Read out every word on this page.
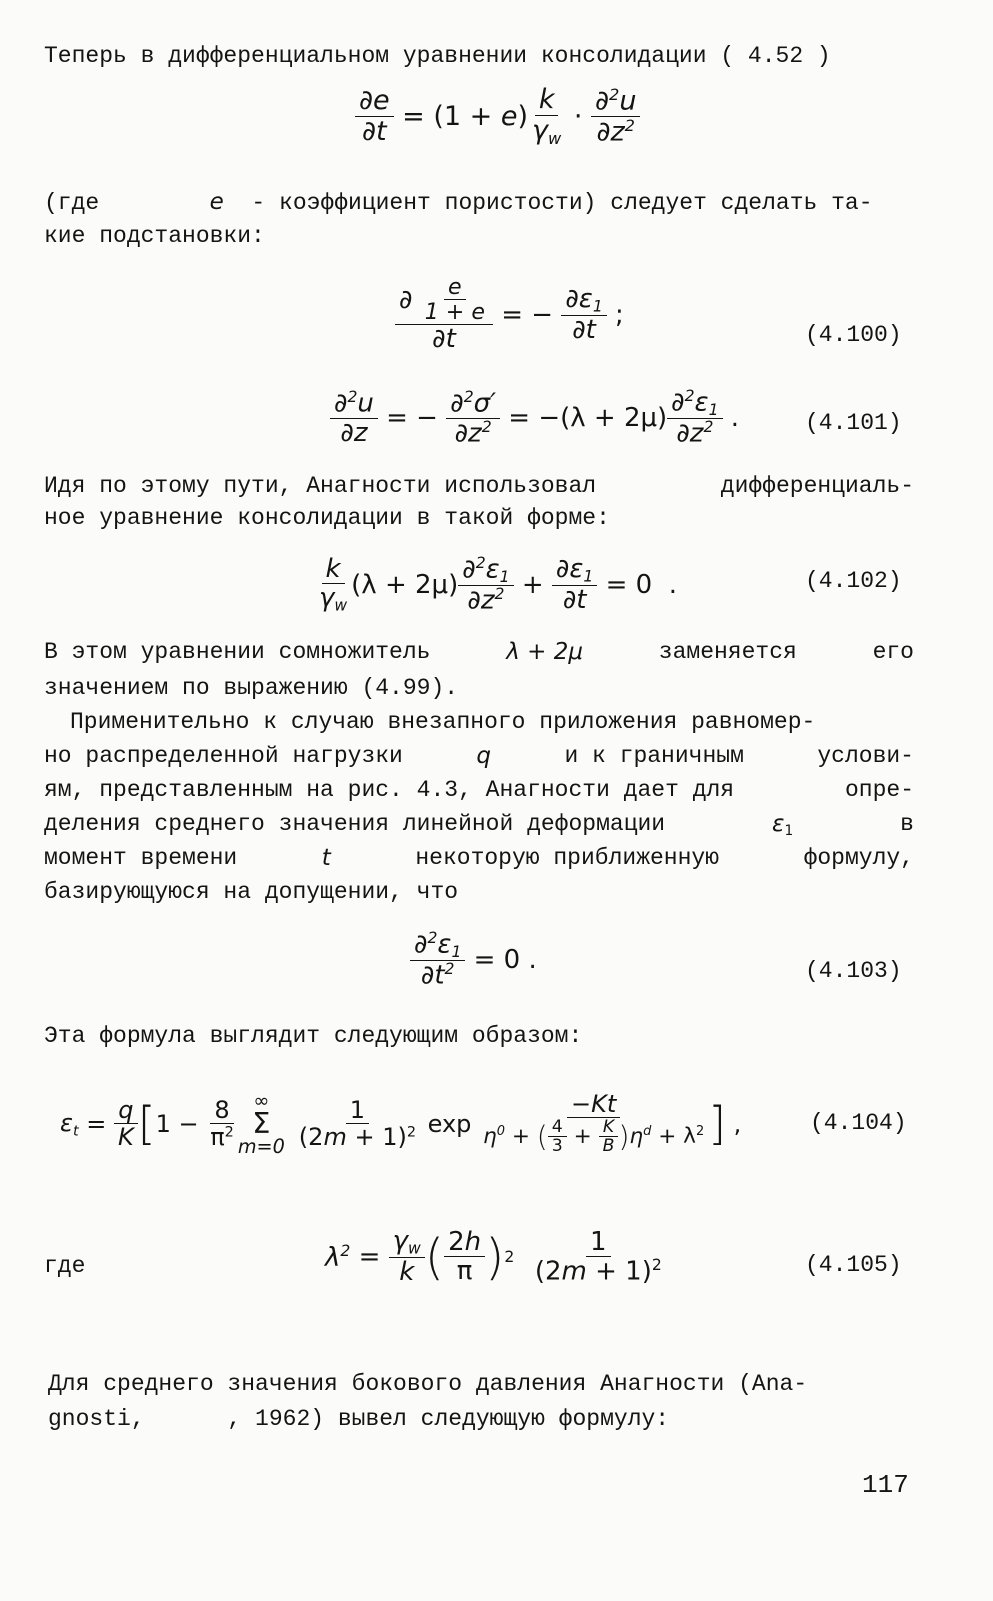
Теперь в дифференциальном уравнении консолидации ( 4.52 )
$\frac{\partial e}{\partial t} = (1 + e) \frac{k}{\gamma_w} \cdot \frac{\partial^2u}{\partial z^2}$
(где	е - коэффициент пористости) следует сделать та-
кие подстановки:
$\frac{\partial \frac{e}{1 + e}}{\partial t}$ = − $\frac{\partial\varepsilon_1}{\partial t}$ ;
(4.100)
$\frac{\partial^2u}{\partial z}$ = − $\frac{\partial^2\sigma'}{\partial z^2} = -(\lambda + 2\mu) \frac{\partial^2\varepsilon_1}{\partial z^2}$ .	(4.101)
Идя по этому пути, Анагности использовал	дифференциаль-
ное уравнение консолидации в такой форме:
$\frac{k}{\gamma_w} (\lambda + 2\mu) \frac{\partial^2\varepsilon_1}{\partial z^2} + \frac{\partial\varepsilon_1}{\partial t} = 0$  .	(4.102)
В этом уравнении сомножитель	λ + 2μ	заменяется	его
значением по выражению (4.99).
Применительно к случаю внезапного приложения равномер-
но распределенной нагрузки	q	и к граничным	услови-
ям, представленным на рис. 4.3, Анагности дает для	опре-
деления среднего значения линейной деформации	$\varepsilon_1$	в
момент времени	t	некоторую приближенную	формулу,
базирующуюся на допущении, что
$\frac{\partial^2\varepsilon_1}{\partial t^2} = 0$ .	(4.103)
Эта формула выглядит следующим образом:
$\varepsilon_t = \frac{q}{K}$ [ $1 - \frac{8}{\pi^2}$ ∞
Σ
$m=0 \frac{1}{(2m + 1)^2}$ $\exp \frac{-Kt}{\eta^0 + ( \frac{4}{3} + \frac{K}{B} ) \eta^d + \lambda^2}$ ] ,	(4.104)
где	$\lambda^2 = \frac{\gamma_w}{k}$ ( $\frac{2h}{\pi}$ ) 2
$\frac{1}{(2m + 1)^2}$	(4.105)
Для среднего значения бокового давления Анагности (Ana-
gnosti,      , 1962) вывел следующую формулу:
117
